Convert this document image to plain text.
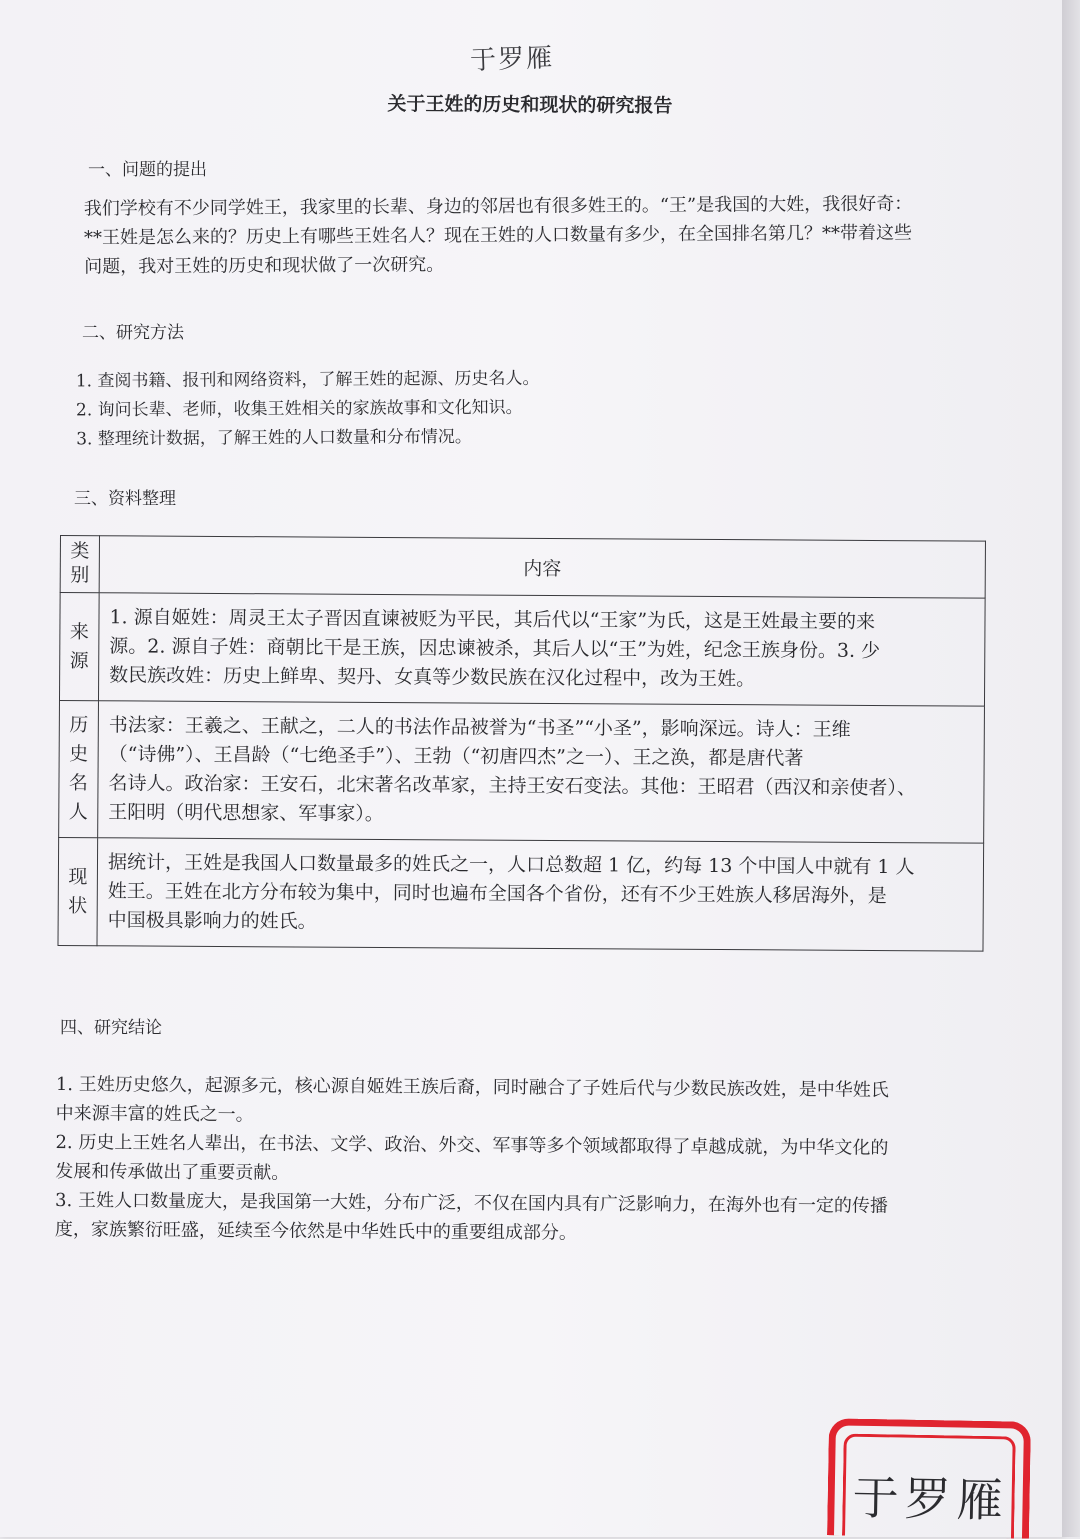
于罗雁
关于王姓的历史和现状的研究报告
一、问题的提出
我们学校有不少同学姓王，我家里的长辈、身边的邻居也有很多姓王的。“王”是我国的大姓，我很好奇：
**王姓是怎么来的？历史上有哪些王姓名人？现在王姓的人口数量有多少，在全国排名第几？**带着这些
问题，我对王姓的历史和现状做了一次研究。
二、研究方法
1. 查阅书籍、报刊和网络资料，了解王姓的起源、历史名人。
2. 询问长辈、老师，收集王姓相关的家族故事和文化知识。
3. 整理统计数据，了解王姓的人口数量和分布情况。
三、资料整理
类别	内容
来源	1. 源自姬姓：周灵王太子晋因直谏被贬为平民，其后代以“王家”为氏，这是王姓最主要的来
源。2. 源自子姓：商朝比干是王族，因忠谏被杀，其后人以“王”为姓，纪念王族身份。3. 少
数民族改姓：历史上鲜卑、契丹、女真等少数民族在汉化过程中，改为王姓。

历史名人	书法家：王羲之、王献之，二人的书法作品被誉为“书圣”“小圣”，影响深远。诗人：王维
（“诗佛”）、王昌龄（“七绝圣手”）、王勃（“初唐四杰”之一）、王之涣，都是唐代著
名诗人。政治家：王安石，北宋著名改革家，主持王安石变法。其他：王昭君（西汉和亲使者）、
王阳明（明代思想家、军事家）。

现状	据统计，王姓是我国人口数量最多的姓氏之一，人口总数超 1 亿，约每 13 个中国人中就有 1 人
姓王。王姓在北方分布较为集中，同时也遍布全国各个省份，还有不少王姓族人移居海外，是
中国极具影响力的姓氏。
四、研究结论
1. 王姓历史悠久，起源多元，核心源自姬姓王族后裔，同时融合了子姓后代与少数民族改姓，是中华姓氏
中来源丰富的姓氏之一。
2. 历史上王姓名人辈出，在书法、文学、政治、外交、军事等多个领域都取得了卓越成就，为中华文化的
发展和传承做出了重要贡献。
3. 王姓人口数量庞大，是我国第一大姓，分布广泛，不仅在国内具有广泛影响力，在海外也有一定的传播
度，家族繁衍旺盛，延续至今依然是中华姓氏中的重要组成部分。
于罗雁
